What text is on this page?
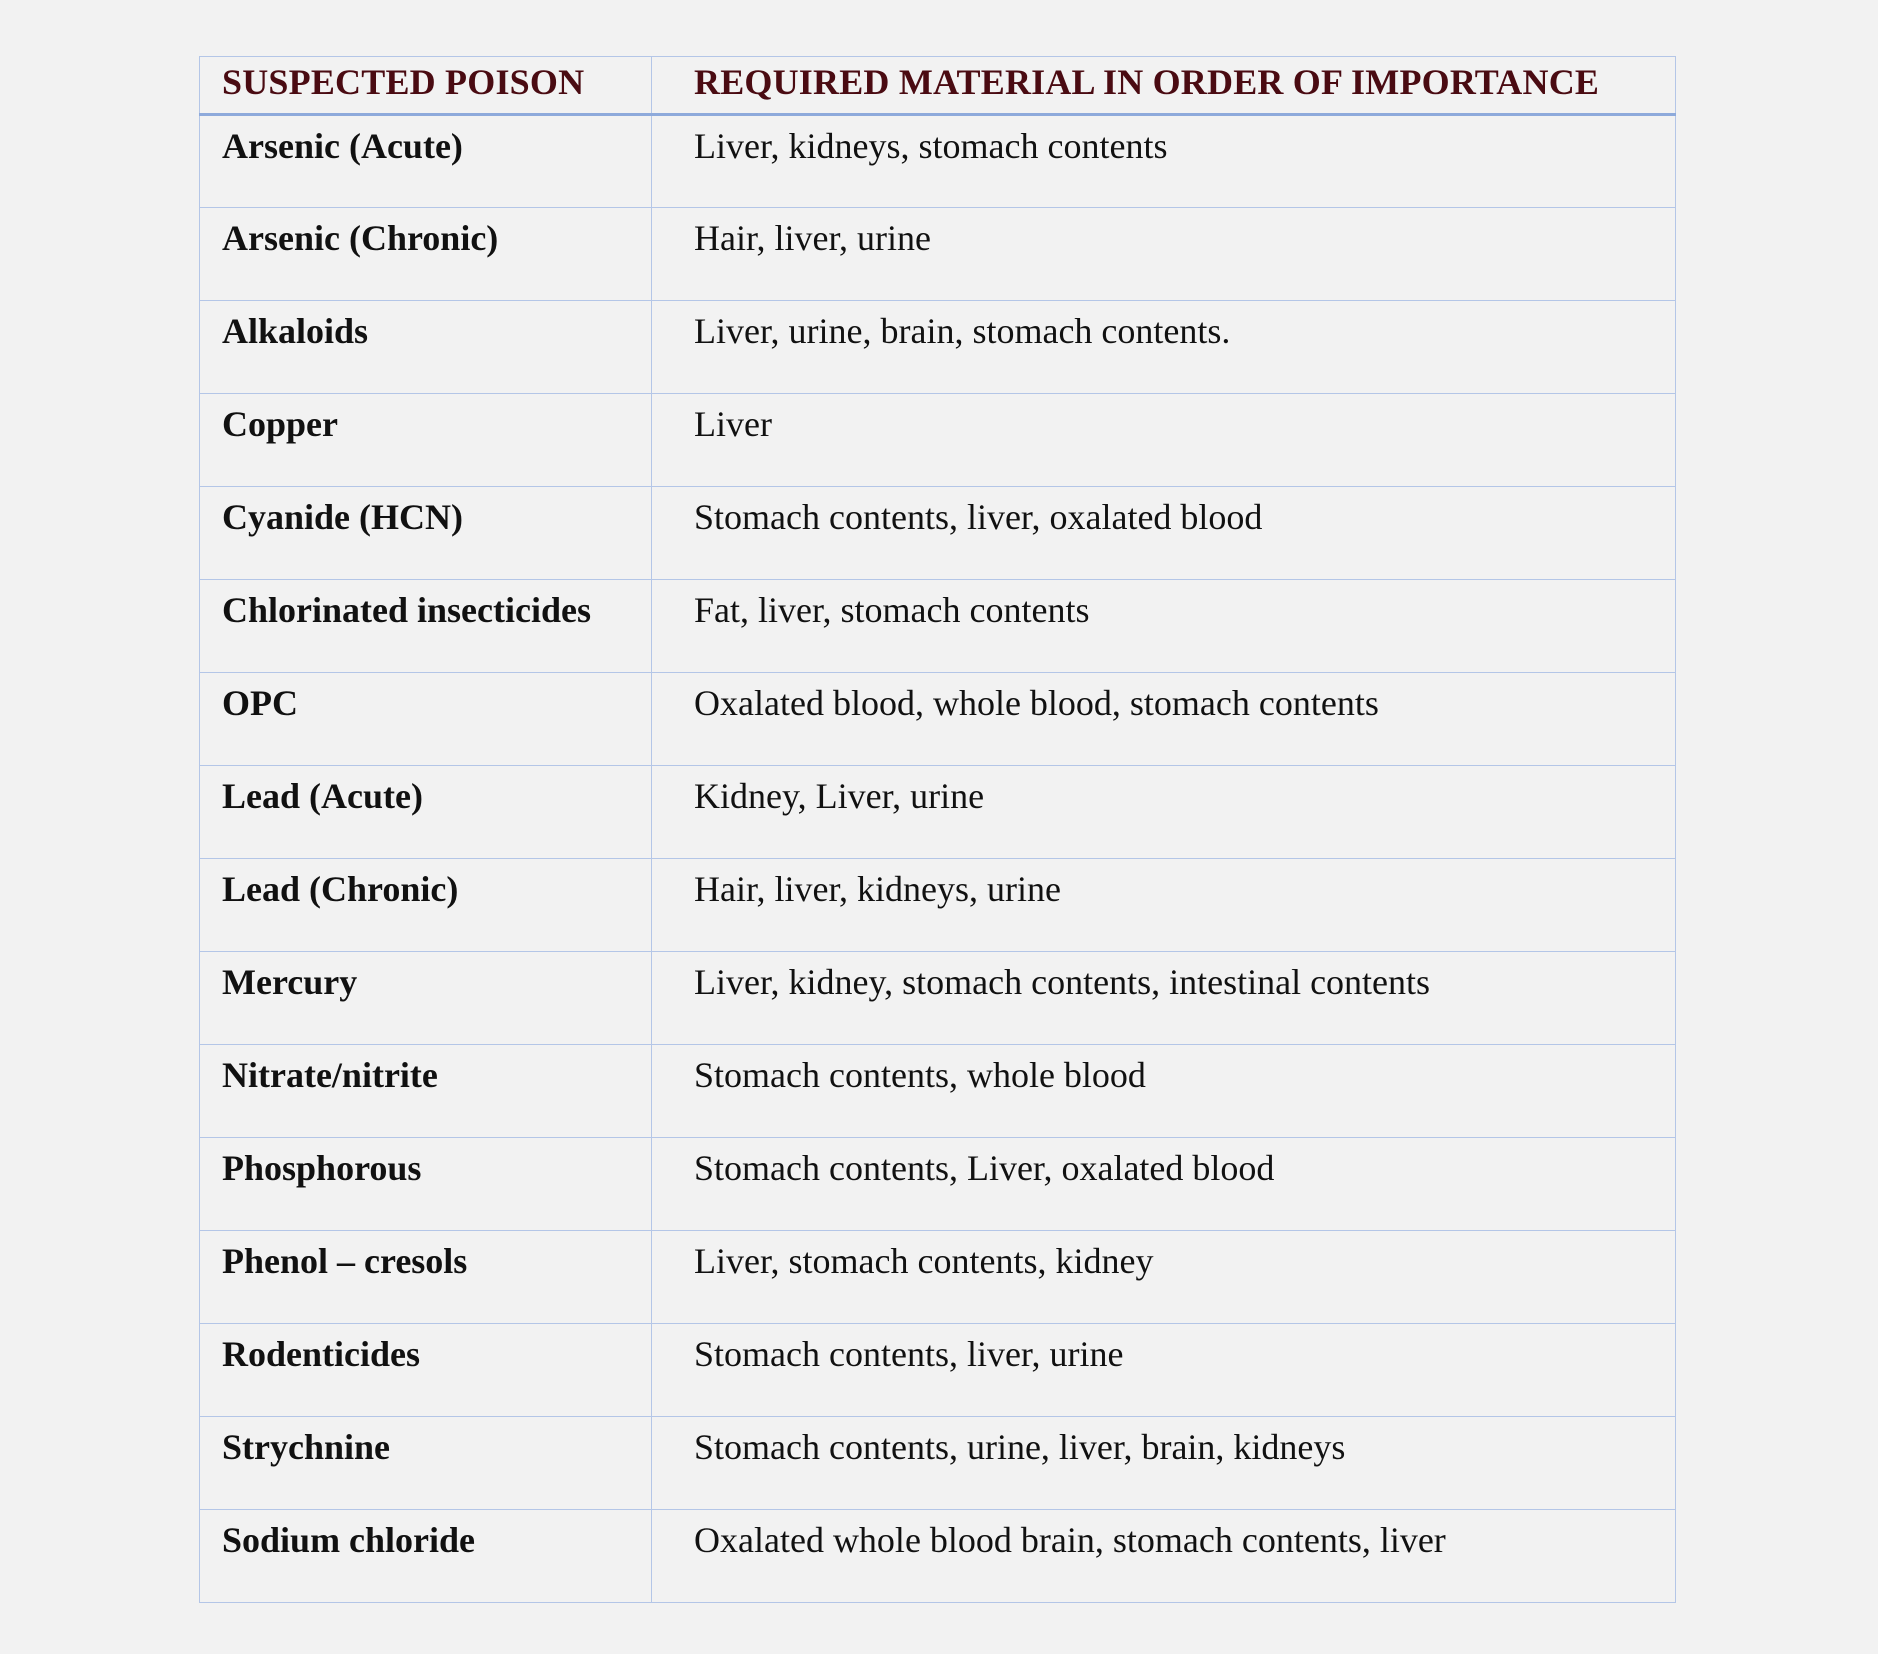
SUSPECTED POISON	REQUIRED MATERIAL IN ORDER OF IMPORTANCE
Arsenic (Acute)	Liver, kidneys, stomach contents
Arsenic (Chronic)	Hair, liver, urine
Alkaloids	Liver, urine, brain, stomach contents.
Copper	Liver
Cyanide (HCN)	Stomach contents, liver, oxalated blood
Chlorinated insecticides	Fat, liver, stomach contents
OPC	Oxalated blood, whole blood, stomach contents
Lead (Acute)	Kidney, Liver, urine
Lead (Chronic)	Hair, liver, kidneys, urine
Mercury	Liver, kidney, stomach contents, intestinal contents
Nitrate/nitrite	Stomach contents, whole blood
Phosphorous	Stomach contents, Liver, oxalated blood
Phenol – cresols	Liver, stomach contents, kidney
Rodenticides	Stomach contents, liver, urine
Strychnine	Stomach contents, urine, liver, brain, kidneys
Sodium chloride	Oxalated whole blood brain, stomach contents, liver
